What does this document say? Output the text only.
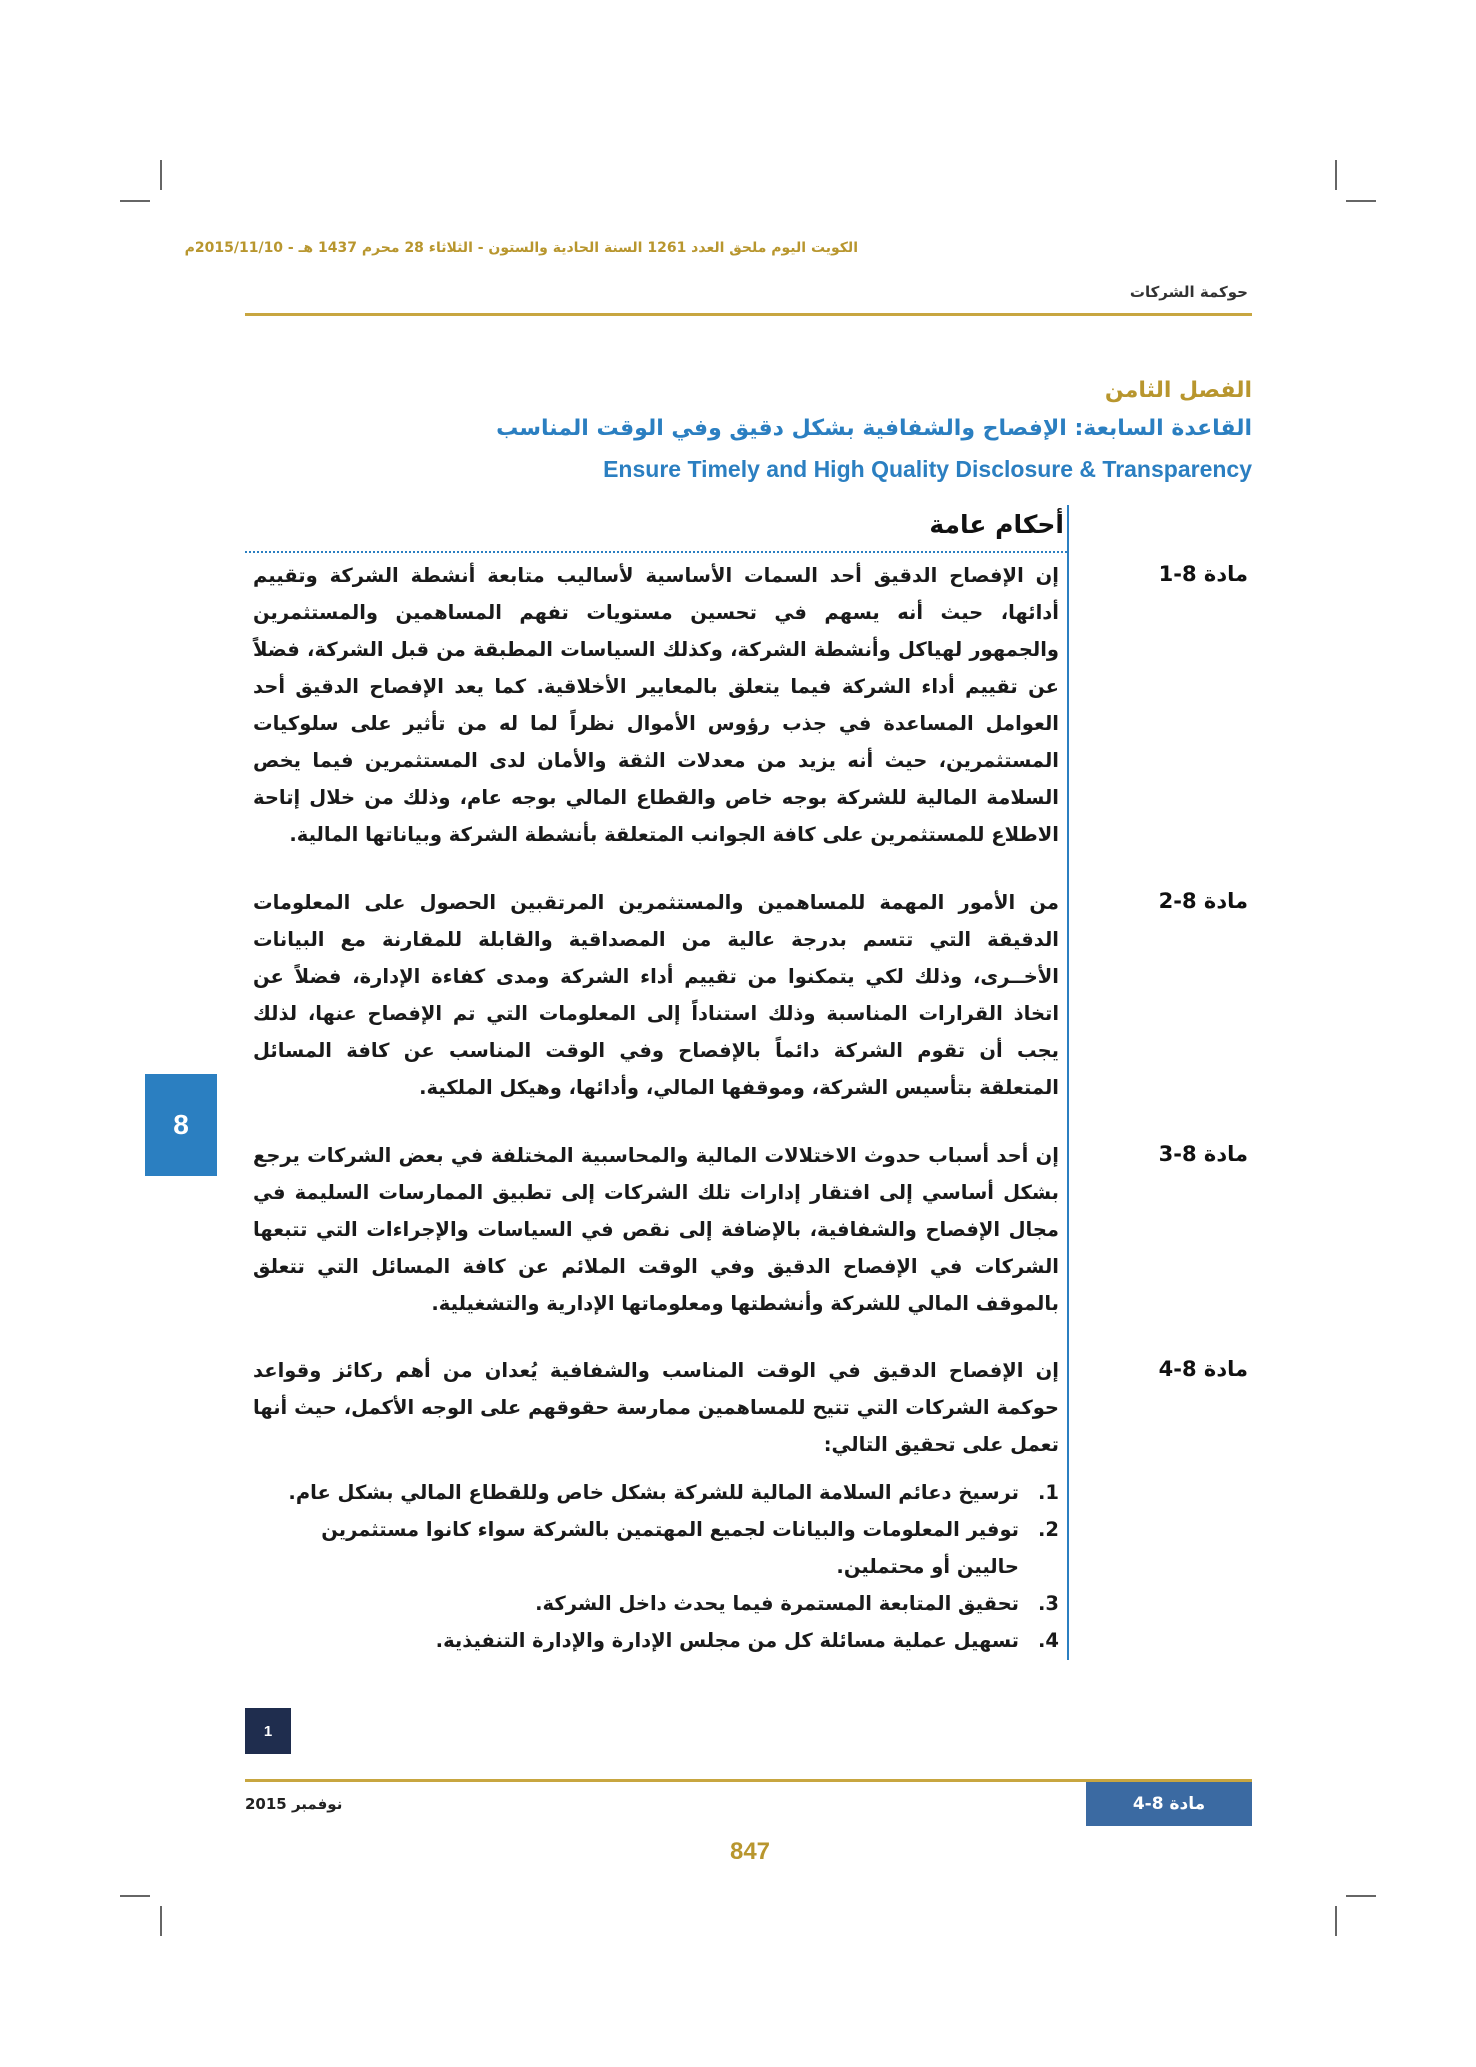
الكويت اليوم ملحق العدد 1261 السنة الحادية والستون - الثلاثاء 28 محرم 1437 هـ - 2015/11/10م
حوكمة الشركات
الفصل الثامن
القاعدة السابعة: الإفصاح والشفافية بشكل دقيق وفي الوقت المناسب
Ensure Timely and High Quality Disclosure & Transparency
أحكام عامة
مادة 8-1

إن الإفصاح الدقيق أحد السمات الأساسية لأساليب متابعة أنشطة الشركة وتقييم أدائها، حيث أنه يسهم في تحسين مستويات تفهم المساهمين والمستثمرين والجمهور لهياكل وأنشطة الشركة، وكذلك السياسات المطبقة من قبل الشركة، فضلاً عن تقييم أداء الشركة فيما يتعلق بالمعايير الأخلاقية. كما يعد الإفصاح الدقيق أحد العوامل المساعدة في جذب رؤوس الأموال نظراً لما له من تأثير على سلوكيات المستثمرين، حيث أنه يزيد من معدلات الثقة والأمان لدى المستثمرين فيما يخص السلامة المالية للشركة بوجه خاص والقطاع المالي بوجه عام، وذلك من خلال إتاحة الاطلاع للمستثمرين على كافة الجوانب المتعلقة بأنشطة الشركة وبياناتها المالية.

مادة 8-2

من الأمور المهمة للمساهمين والمستثمرين المرتقبين الحصول على المعلومات الدقيقة التي تتسم بدرجة عالية من المصداقية والقابلة للمقارنة مع البيانات الأخــرى، وذلك لكي يتمكنوا من تقييم أداء الشركة ومدى كفاءة الإدارة، فضلاً عن اتخاذ القرارات المناسبة وذلك استناداً إلى المعلومات التي تم الإفصاح عنها، لذلك يجب أن تقوم الشركة دائماً بالإفصاح وفي الوقت المناسب عن كافة المسائل المتعلقة بتأسيس الشركة، وموقفها المالي، وأدائها، وهيكل الملكية.

مادة 8-3

إن أحد أسباب حدوث الاختلالات المالية والمحاسبية المختلفة في بعض الشركات يرجع بشكل أساسي إلى افتقار إدارات تلك الشركات إلى تطبيق الممارسات السليمة في مجال الإفصاح والشفافية، بالإضافة إلى نقص في السياسات والإجراءات التي تتبعها الشركات في الإفصاح الدقيق وفي الوقت الملائم عن كافة المسائل التي تتعلق بالموقف المالي للشركة وأنشطتها ومعلوماتها الإدارية والتشغيلية.

مادة 8-4

إن الإفصاح الدقيق في الوقت المناسب والشفافية يُعدان من أهم ركائز وقواعد حوكمة الشركات التي تتيح للمساهمين ممارسة حقوقهم على الوجه الأكمل، حيث أنها تعمل على تحقيق التالي:

1.
ترسيخ دعائم السلامة المالية للشركة بشكل خاص وللقطاع المالي بشكل عام.
2.
توفير المعلومات والبيانات لجميع المهتمين بالشركة سواء كانوا مستثمرين حاليين أو محتملين.
3.
تحقيق المتابعة المستمرة فيما يحدث داخل الشركة.
4.
تسهيل عملية مسائلة كل من مجلس الإدارة والإدارة التنفيذية.
8
1
نوفمبر 2015	مادة 8-4
847
